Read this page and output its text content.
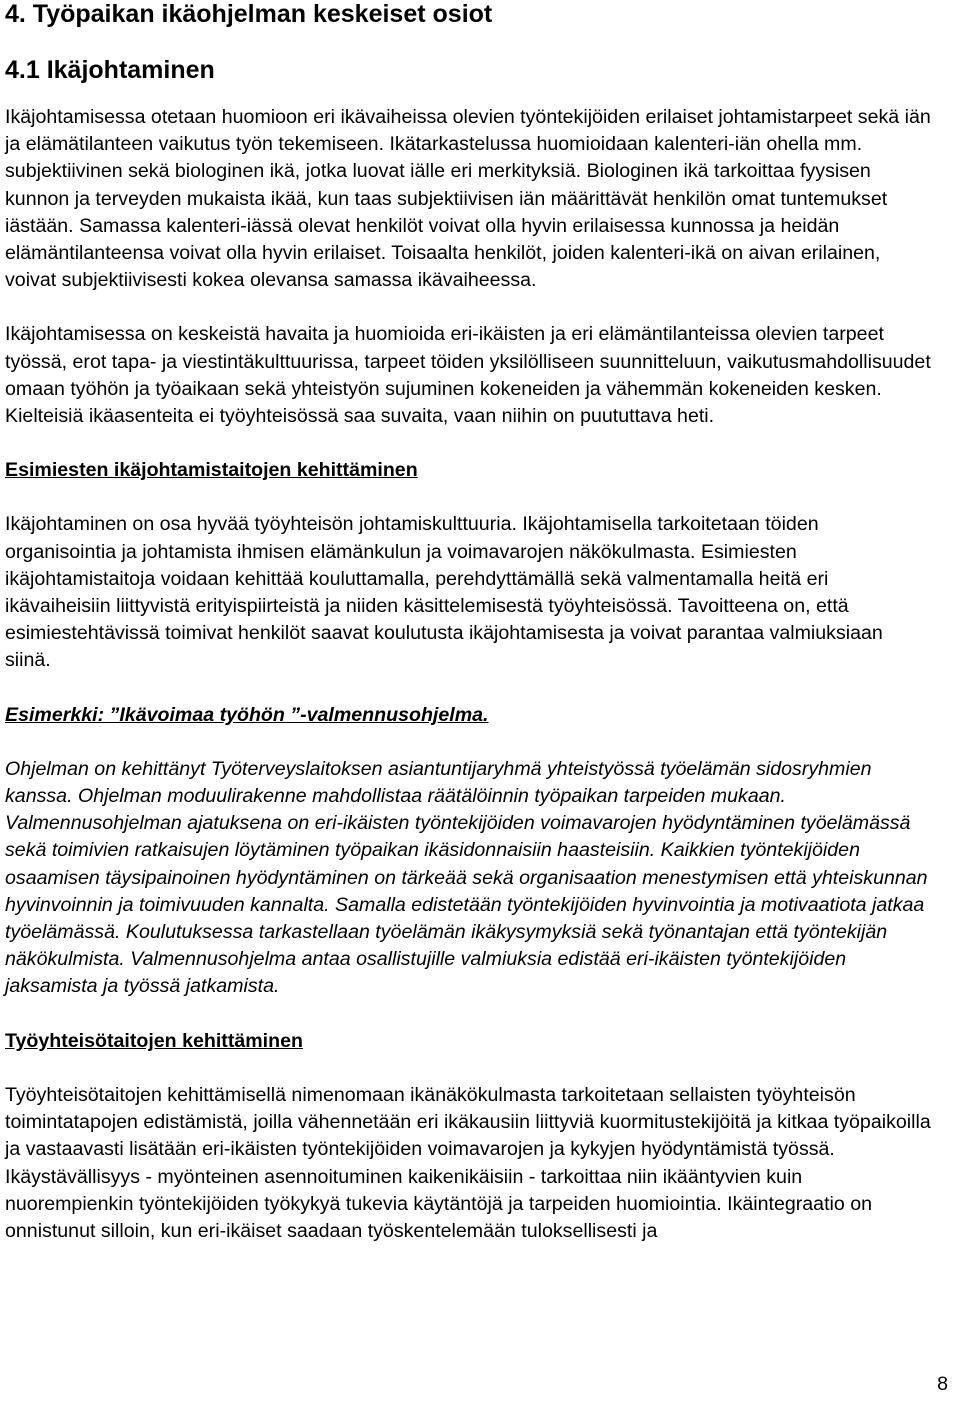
4. Työpaikan ikäohjelman keskeiset osiot
4.1 Ikäjohtaminen

Ikäjohtamisessa otetaan huomioon eri ikävaiheissa olevien työntekijöiden erilaiset johtamistarpeet sekä iän ja elämätilanteen vaikutus työn tekemiseen. Ikätarkastelussa huomioidaan kalenteri-iän ohella mm. subjektiivinen sekä biologinen ikä, jotka luovat iälle eri merkityksiä. Biologinen ikä tarkoittaa fyysisen kunnon ja terveyden mukaista ikää, kun taas subjektiivisen iän määrittävät henkilön omat tuntemukset iästään. Samassa kalenteri-iässä olevat henkilöt voivat olla hyvin erilaisessa kunnossa ja heidän elämäntilanteensa voivat olla hyvin erilaiset. Toisaalta henkilöt, joiden kalenteri-ikä on aivan erilainen, voivat subjektiivisesti kokea olevansa samassa ikävaiheessa.

Ikäjohtamisessa on keskeistä havaita ja huomioida eri-ikäisten ja eri elämäntilanteissa olevien tarpeet työssä, erot tapa- ja viestintäkulttuurissa, tarpeet töiden yksilölliseen suunnitteluun, vaikutusmahdollisuudet omaan työhön ja työaikaan sekä yhteistyön sujuminen kokeneiden ja vähemmän kokeneiden kesken. Kielteisiä ikäasenteita ei työyhteisössä saa suvaita, vaan niihin on puututtava heti.

Esimiesten ikäjohtamistaitojen kehittäminen

Ikäjohtaminen on osa hyvää työyhteisön johtamiskulttuuria. Ikäjohtamisella tarkoitetaan töiden organisointia ja johtamista ihmisen elämänkulun ja voimavarojen näkökulmasta. Esimiesten ikäjohtamistaitoja voidaan kehittää kouluttamalla, perehdyttämällä sekä valmentamalla heitä eri ikävaiheisiin liittyvistä erityispiirteistä ja niiden käsittelemisestä työyhteisössä. Tavoitteena on, että esimiestehtävissä toimivat henkilöt saavat koulutusta ikäjohtamisesta ja voivat parantaa valmiuksiaan siinä.

Esimerkki: ”Ikävoimaa työhön ”-valmennusohjelma.

Ohjelman on kehittänyt Työterveyslaitoksen asiantuntijaryhmä yhteistyössä työelämän sidosryhmien kanssa. Ohjelman moduulirakenne mahdollistaa räätälöinnin työpaikan tarpeiden mukaan. Valmennusohjelman ajatuksena on eri-ikäisten työntekijöiden voimavarojen hyödyntäminen työelämässä sekä toimivien ratkaisujen löytäminen työpaikan ikäsidonnaisiin haasteisiin. Kaikkien työntekijöiden osaamisen täysipainoinen hyödyntäminen on tärkeää sekä organisaation menestymisen että yhteiskunnan hyvinvoinnin ja toimivuuden kannalta. Samalla edistetään työntekijöiden hyvinvointia ja motivaatiota jatkaa työelämässä. Koulutuksessa tarkastellaan työelämän ikäkysymyksiä sekä työnantajan että työntekijän näkökulmista. Valmennusohjelma antaa osallistujille valmiuksia edistää eri-ikäisten työntekijöiden jaksamista ja työssä jatkamista.

Työyhteisötaitojen kehittäminen

Työyhteisötaitojen kehittämisellä nimenomaan ikänäkökulmasta tarkoitetaan sellaisten työyhteisön toimintatapojen edistämistä, joilla vähennetään eri ikäkausiin liittyviä kuormitustekijöitä ja kitkaa työpaikoilla ja vastaavasti lisätään eri-ikäisten työntekijöiden voimavarojen ja kykyjen hyödyntämistä työssä. Ikäystävällisyys - myönteinen asennoituminen kaikenikäisiin - tarkoittaa niin ikääntyvien kuin nuorempienkin työntekijöiden työkykyä tukevia käytäntöjä ja tarpeiden huomiointia. Ikäintegraatio on onnistunut silloin, kun eri-ikäiset saadaan työskentelemään tuloksellisesti ja

8
